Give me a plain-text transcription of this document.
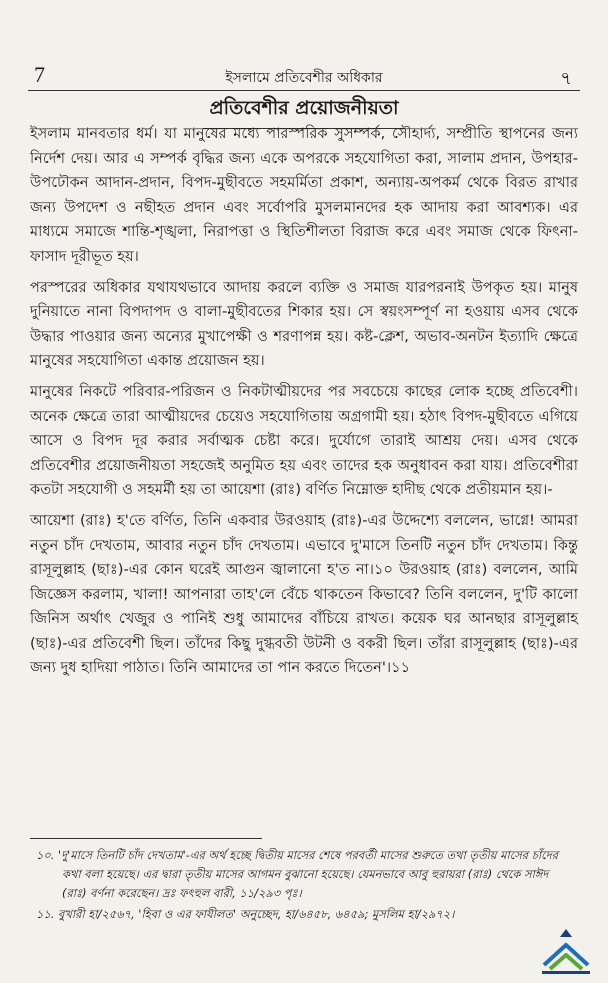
7	ইসলামে প্রতিবেশীর অধিকার	৭
প্রতিবেশীর প্রয়োজনীয়তা

ইসলাম মানবতার ধর্ম। যা মানুষের মধ্যে পারস্পরিক সুসম্পর্ক, সৌহার্দ্য, সম্প্রীতি স্থাপনের জন্য নির্দেশ দেয়। আর এ সম্পর্ক বৃদ্ধির জন্য একে অপরকে সহযোগিতা করা, সালাম প্রদান, উপহার-উপঢৌকন আদান-প্রদান, বিপদ-মুছীবতে সহমর্মিতা প্রকাশ, অন্যায়-অপকর্ম থেকে বিরত রাখার জন্য উপদেশ ও নছীহত প্রদান এবং সর্বোপরি মুসলমানদের হক আদায় করা আবশ্যক। এর মাধ্যমে সমাজে শান্তি-শৃঙ্খলা, নিরাপত্তা ও স্থিতিশীলতা বিরাজ করে এবং সমাজ থেকে ফিৎনা-ফাসাদ দূরীভূত হয়।

পরস্পরের অধিকার যথাযথভাবে আদায় করলে ব্যক্তি ও সমাজ যারপরনাই উপকৃত হয়। মানুষ দুনিয়াতে নানা বিপদাপদ ও বালা-মুছীবতের শিকার হয়। সে স্বয়ংসম্পূর্ণ না হওয়ায় এসব থেকে উদ্ধার পাওয়ার জন্য অন্যের মুখাপেক্ষী ও শরণাপন্ন হয়। কষ্ট-ক্লেশ, অভাব-অনটন ইত্যাদি ক্ষেত্রে মানুষের সহযোগিতা একান্ত প্রয়োজন হয়।

মানুষের নিকটে পরিবার-পরিজন ও নিকটাত্মীয়দের পর সবচেয়ে কাছের লোক হচ্ছে প্রতিবেশী। অনেক ক্ষেত্রে তারা আত্মীয়দের চেয়েও সহযোগিতায় অগ্রগামী হয়। হঠাৎ বিপদ-মুছীবতে এগিয়ে আসে ও বিপদ দূর করার সর্বাত্মক চেষ্টা করে। দুর্যোগে তারাই আশ্রয় দেয়। এসব থেকে প্রতিবেশীর প্রয়োজনীয়তা সহজেই অনুমিত হয় এবং তাদের হক অনুধাবন করা যায়। প্রতিবেশীরা কতটা সহযোগী ও সহমর্মী হয় তা আয়েশা (রাঃ) বর্ণিত নিম্নোক্ত হাদীছ থেকে প্রতীয়মান হয়।-

আয়েশা (রাঃ) হ'তে বর্ণিত, তিনি একবার উরওয়াহ (রাঃ)-এর উদ্দেশ্যে বললেন, ভাগ্নে! আমরা নতুন চাঁদ দেখতাম, আবার নতুন চাঁদ দেখতাম। এভাবে দু'মাসে তিনটি নতুন চাঁদ দেখতাম। কিন্তু রাসূলুল্লাহ (ছাঃ)-এর কোন ঘরেই আগুন জ্বালানো হ'ত না।১০ উরওয়াহ (রাঃ) বললেন, আমি জিজ্ঞেস করলাম, খালা! আপনারা তাহ'লে বেঁচে থাকতেন কিভাবে? তিনি বললেন, দু'টি কালো জিনিস অর্থাৎ খেজুর ও পানিই শুধু আমাদের বাঁচিয়ে রাখত। কয়েক ঘর আনছার রাসূলুল্লাহ (ছাঃ)-এর প্রতিবেশী ছিল। তাঁদের কিছু দুগ্ধবতী উটনী ও বকরী ছিল। তাঁরা রাসূলুল্লাহ (ছাঃ)-এর জন্য দুধ হাদিয়া পাঠাত। তিনি আমাদের তা পান করতে দিতেন'।১১

১০. 'দু'মাসে তিনটি চাঁদ দেখতাম'-এর অর্থ হচ্ছে দ্বিতীয় মাসের শেষে পরবর্তী মাসের শুরুতে তথা তৃতীয় মাসের চাঁদের কথা বলা হয়েছে। এর দ্বারা তৃতীয় মাসের আগমন বুঝানো হয়েছে। যেমনভাবে আবু হুরায়রা (রাঃ) থেকে সাঈদ (রাঃ) বর্ণনা করেছেন। দ্রঃ ফৎহুল বারী, ১১/২৯৩ পৃঃ।

১১. বুখারী হা/২৫৬৭, 'হিবা ও এর ফাযীলত' অনুচ্ছেদ, হা/৬৪৫৮, ৬৪৫৯; মুসলিম হা/২৯৭২।
